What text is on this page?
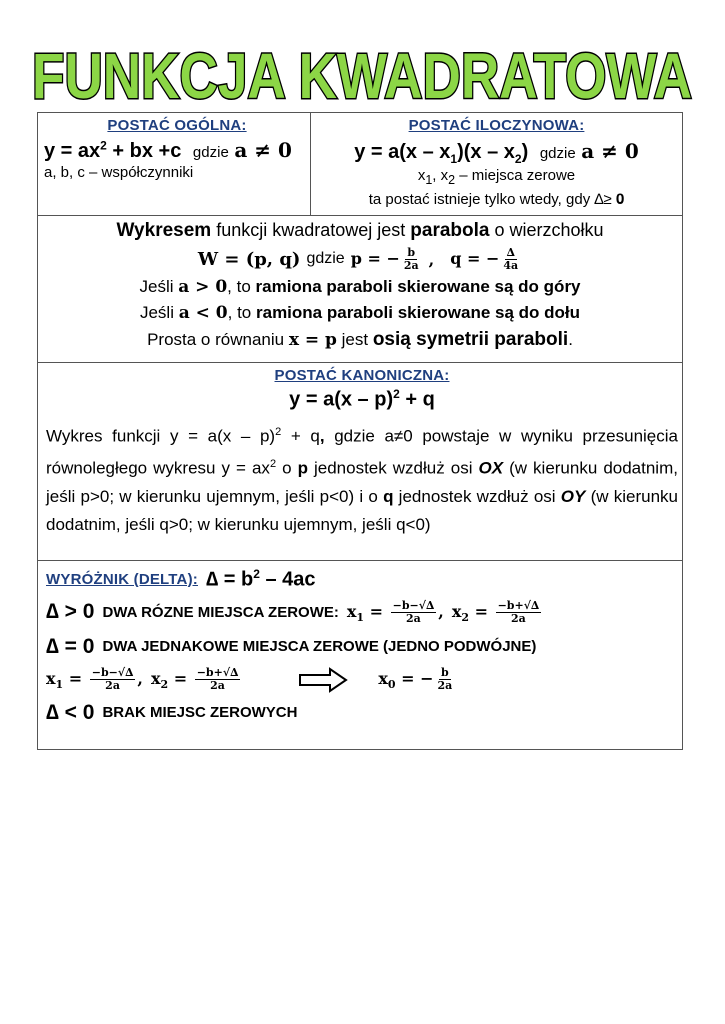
FUNKCJA KWADRATOWA
POSTAĆ OGÓLNA:
$y = ax^2$ + bx +c gdzie 𝐚 ≠ 𝟎
a, b, c – współczynniki
POSTAĆ ILOCZYNOWA:
$y = a(x - x_1)(x - x_2)$ gdzie 𝐚 ≠ 𝟎
$x_1$, $x_2$ – miejsca zerowe
ta postać istnieje tylko wtedy, gdy ∆≥ 𝟎
Wykresem funkcji kwadratowej jest parabola o wierzchołku
𝐖 = (𝐩, 𝐪) gdzie 𝐩 = − $\frac{\text{𝐛}}{\text{𝟐𝐚}}$ , 𝐪 = − $\frac{\Delta}{\text{𝟒𝐚}}$
Jeśli 𝐚 > 𝟎, to ramiona paraboli skierowane są do góry
Jeśli 𝐚 < 𝟎, to ramiona paraboli skierowane są do dołu
Prosta o równaniu 𝐱 = 𝐩 jest osią symetrii paraboli.
POSTAĆ KANONICZNA:
y = a(x – p)$^2$ + q
Wykres funkcji y = a(x – p)$^2$ + q, gdzie a≠0 powstaje w wyniku przesunięcia równoległego wykresu $y = ax^2$ o p jednostek wzdłuż osi OX (w kierunku dodatnim, jeśli p>0; w kierunku ujemnym, jeśli p<0) i o q jednostek wzdłuż osi OY (w kierunku dodatnim, jeśli q>0; w kierunku ujemnym, jeśli q<0)
WYRÓŻNIK (DELTA): ∆ = $b^2 - 4ac$
∆ > 0 DWA RÓZNE MIEJSCA ZEROWE: 𝐱$_𝟏$ = $\frac{\text{−𝐛−√∆}}{\text{𝟐𝐚}}$ , 𝐱$_𝟐$ = $\frac{\text{−𝐛+√∆}}{\text{𝟐𝐚}}$
∆ = 0 DWA JEDNAKOWE MIEJSCA ZEROWE (JEDNO PODWÓJNE)
𝐱$_𝟏$ = $\frac{\text{−𝐛−√∆}}{\text{𝟐𝐚}}$ , 𝐱$_𝟐$ = $\frac{\text{−𝐛+√∆}}{\text{𝟐𝐚}}$	𝐱$_𝟎$ = − $\frac{\text{𝐛}}{\text{𝟐𝐚}}$
∆ < 0 BRAK MIEJSC ZEROWYCH
